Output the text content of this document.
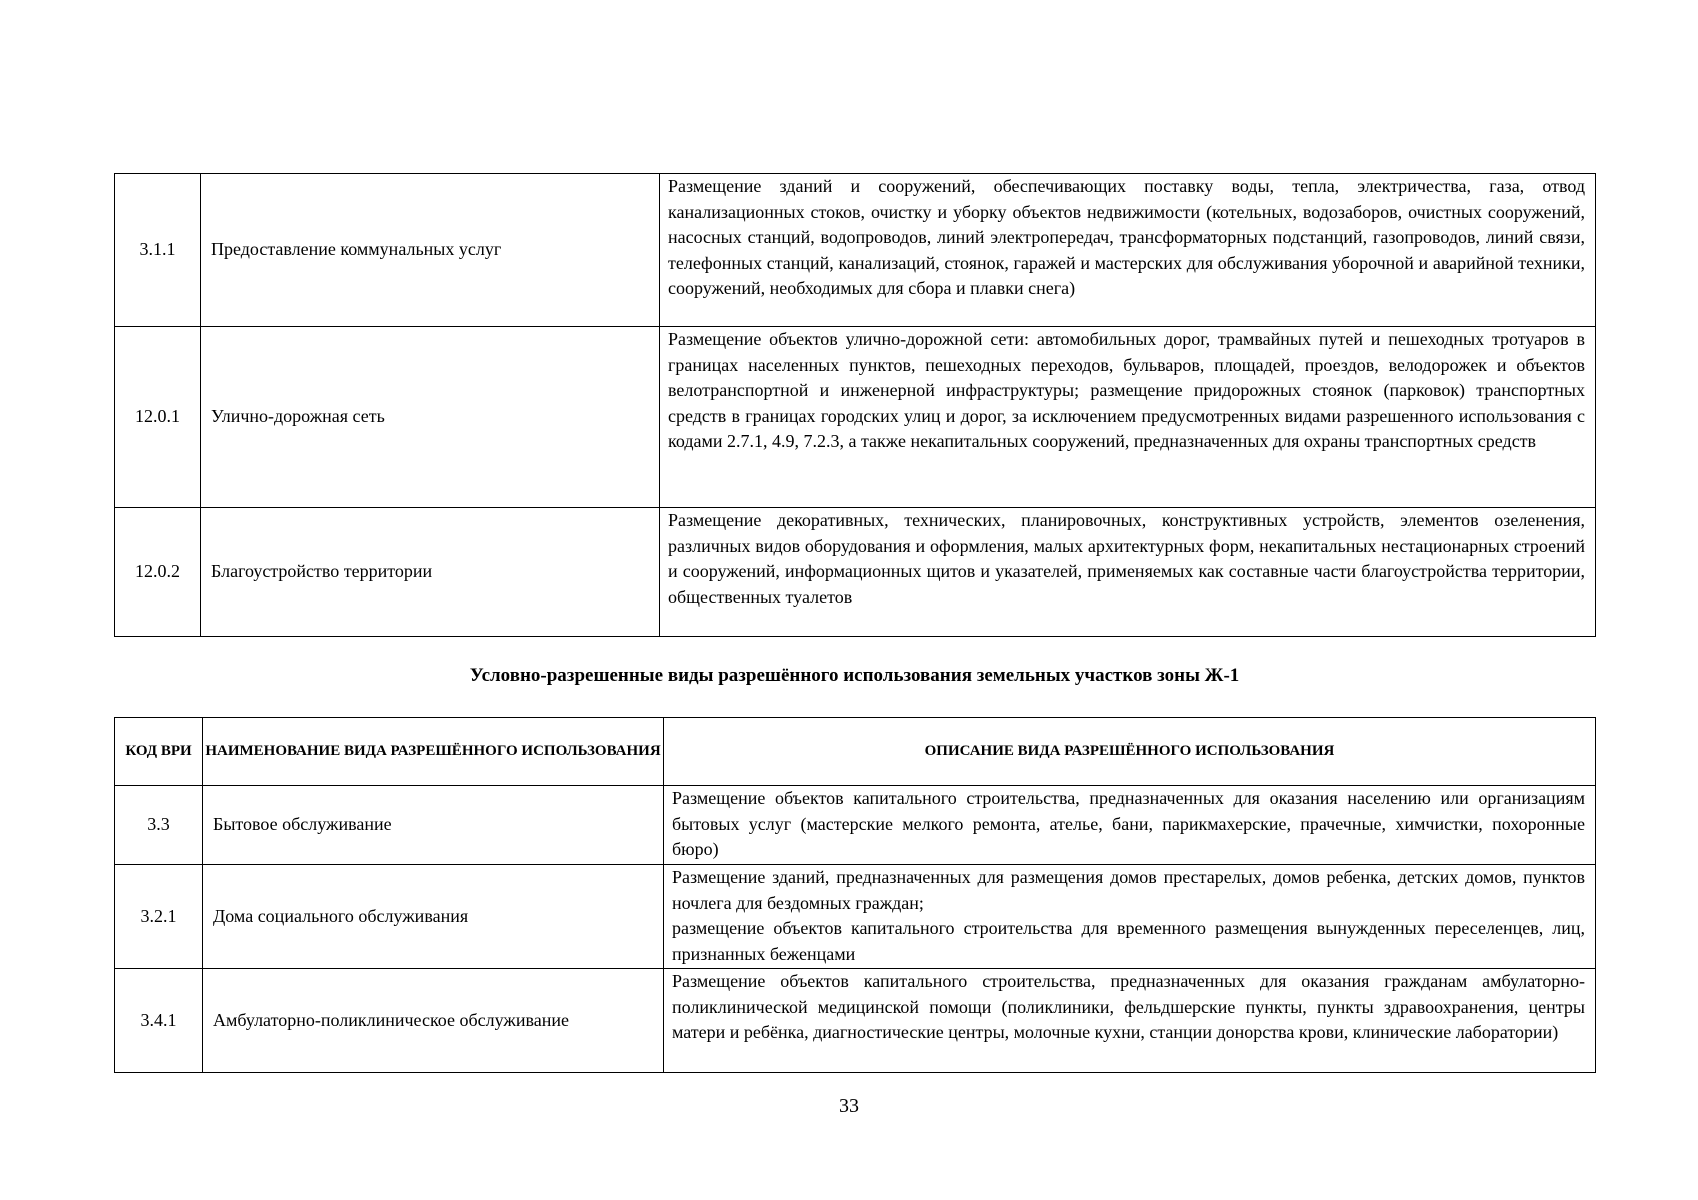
3.1.1	Предоставление коммунальных услуг	Размещение зданий и сооружений, обеспечивающих поставку воды, тепла, электричества, газа, отвод канализационных стоков, очистку и уборку объектов недвижимости (котельных, водозаборов, очистных сооружений, насосных станций, водопроводов, линий электропередач, трансформаторных подстанций, газопроводов, линий связи, телефонных станций, канализаций, стоянок, гаражей и мастерских для обслуживания уборочной и аварийной техники, сооружений, необходимых для сбора и плавки снега)

12.0.1	Улично-дорожная сеть	Размещение объектов улично-дорожной сети: автомобильных дорог, трамвайных путей и пешеходных тротуаров в границах населенных пунктов, пешеходных переходов, бульваров, площадей, проездов, велодорожек и объектов велотранспортной и инженерной инфраструктуры; размещение придорожных стоянок (парковок) транспортных средств в границах городских улиц и дорог, за исключением предусмотренных видами разрешенного использования с кодами 2.7.1, 4.9, 7.2.3, а также некапитальных сооружений, предназначенных для охраны транспортных средств

12.0.2	Благоустройство территории	Размещение декоративных, технических, планировочных, конструктивных устройств, элементов озеленения, различных видов оборудования и оформления, малых архитектурных форм, некапитальных нестационарных строений и сооружений, информационных щитов и указателей, применяемых как составные части благоустройства территории, общественных туалетов

Условно-разрешенные виды разрешённого использования земельных участков зоны Ж-1
КОД ВРИ	НАИМЕНОВАНИЕ ВИДА РАЗРЕШЁННОГО ИСПОЛЬЗОВАНИЯ	ОПИСАНИЕ ВИДА РАЗРЕШЁННОГО ИСПОЛЬЗОВАНИЯ
3.3	Бытовое обслуживание	Размещение объектов капитального строительства, предназначенных для оказания населению или организациям бытовых услуг (мастерские мелкого ремонта, ателье, бани, парикмахерские, прачечные, химчистки, похоронные бюро)

3.2.1	Дома социального обслуживания	Размещение зданий, предназначенных для размещения домов престарелых, домов ребенка, детских домов, пунктов ночлега для бездомных граждан;

размещение объектов капитального строительства для временного размещения вынужденных переселенцев, лиц, признанных беженцами

3.4.1	Амбулаторно-поликлиническое обслуживание	Размещение объектов капитального строительства, предназначенных для оказания гражданам амбулаторно-поликлинической медицинской помощи (поликлиники, фельдшерские пункты, пункты здравоохранения, центры матери и ребёнка, диагностические центры, молочные кухни, станции донорства крови, клинические лаборатории)

33
